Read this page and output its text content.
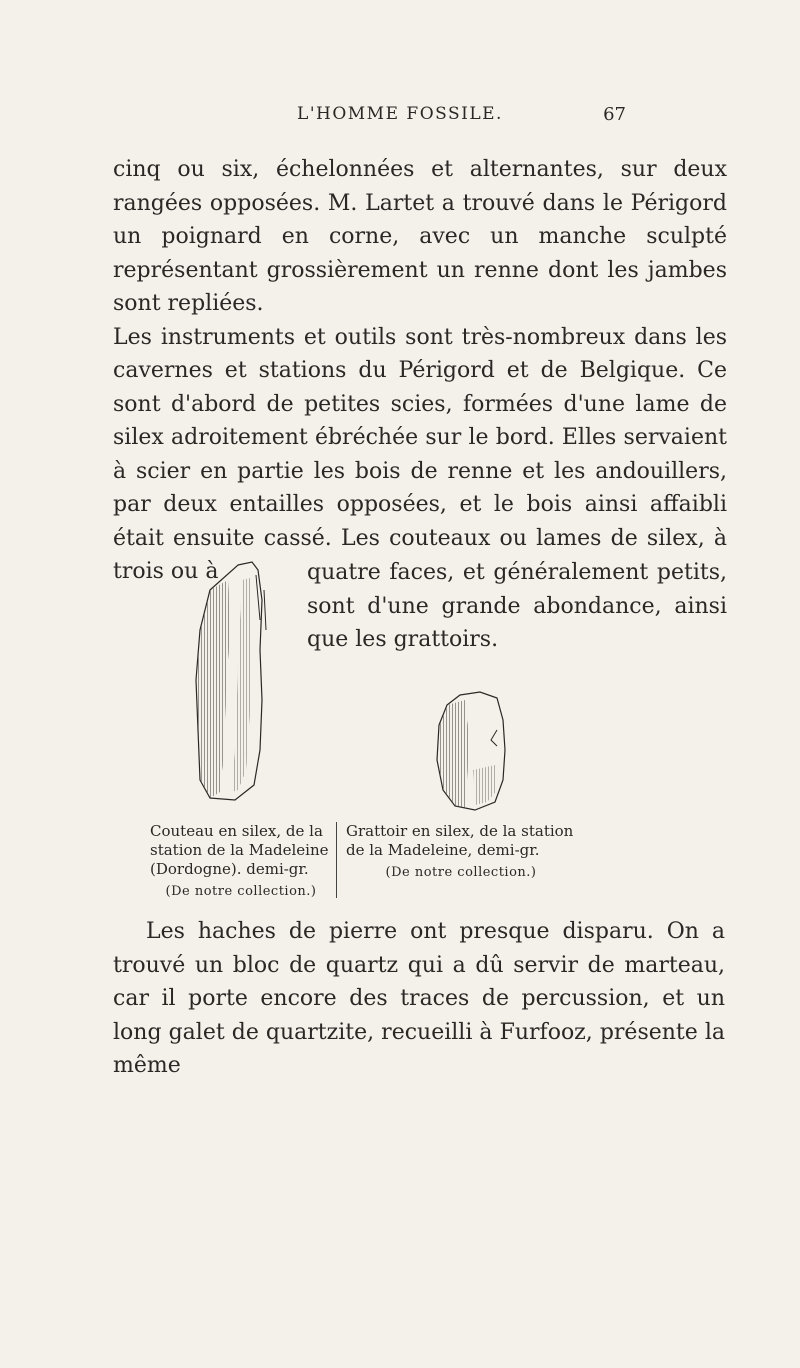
L'HOMME FOSSILE.	67

cinq ou six, échelonnées et alternantes, sur deux rangées opposées. M. Lartet a trouvé dans le Périgord un poignard en corne, avec un manche sculpté représentant grossièrement un renne dont les jambes sont repliées.

Les instruments et outils sont très-nombreux dans les cavernes et stations du Périgord et de Belgique. Ce sont d'abord de petites scies, formées d'une lame de silex adroitement ébréchée sur le bord. Elles servaient à scier en partie les bois de renne et les andouillers, par deux entailles opposées, et le bois ainsi affaibli était ensuite cassé. Les couteaux ou lames de silex, à trois ou à	quatre faces, et généralement petits, sont d'une grande abondance, ainsi que les grattoirs.

Couteau en silex, de la station de la Madeleine (Dordogne). demi-gr.
(De notre collection.)
Grattoir en silex, de la station de la Madeleine, demi-gr.
(De notre collection.)

Les haches de pierre ont presque disparu. On a trouvé un bloc de quartz qui a dû servir de marteau, car il porte encore des traces de percussion, et un long galet de quartzite, recueilli à Furfooz, présente la même
